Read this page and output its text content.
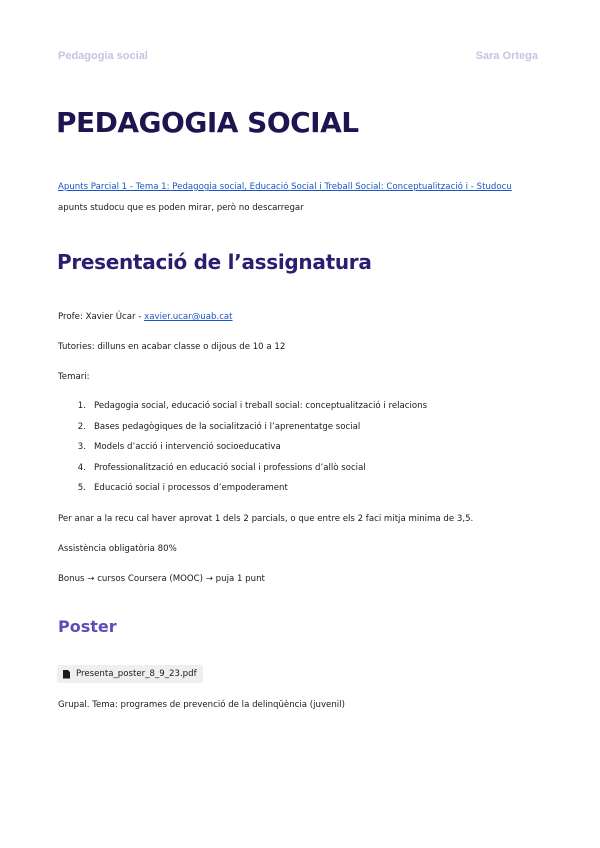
Pedagogia social	Sara Ortega
PEDAGOGIA SOCIAL
Apunts Parcial 1 - Tema 1: Pedagogia social, Educació Social i Treball Social: Conceptualització i - Studocu
apunts studocu que es poden mirar, però no descarregar
Presentació de l’assignatura
Profe: Xavier Úcar - xavier.ucar@uab.cat
Tutories: dilluns en acabar classe o dijous de 10 a 12
Temari:
1. Pedagogia social, educació social i treball social: conceptualització i relacions
2. Bases pedagògiques de la socialització i l’aprenentatge social
3. Models d’acció i intervenció socioeducativa
4. Professionalització en educació social i professions d’allò social
5. Educació social i processos d’empoderament
Per anar a la recu cal haver aprovat 1 dels 2 parcials, o que entre els 2 faci mitja minima de 3,5.
Assistència obligatòria 80%
Bonus → cursos Coursera (MOOC) → puja 1 punt
Poster
Presenta_poster_8_9_23.pdf
Grupal. Tema: programes de prevenció de la delinqüència (juvenil)
